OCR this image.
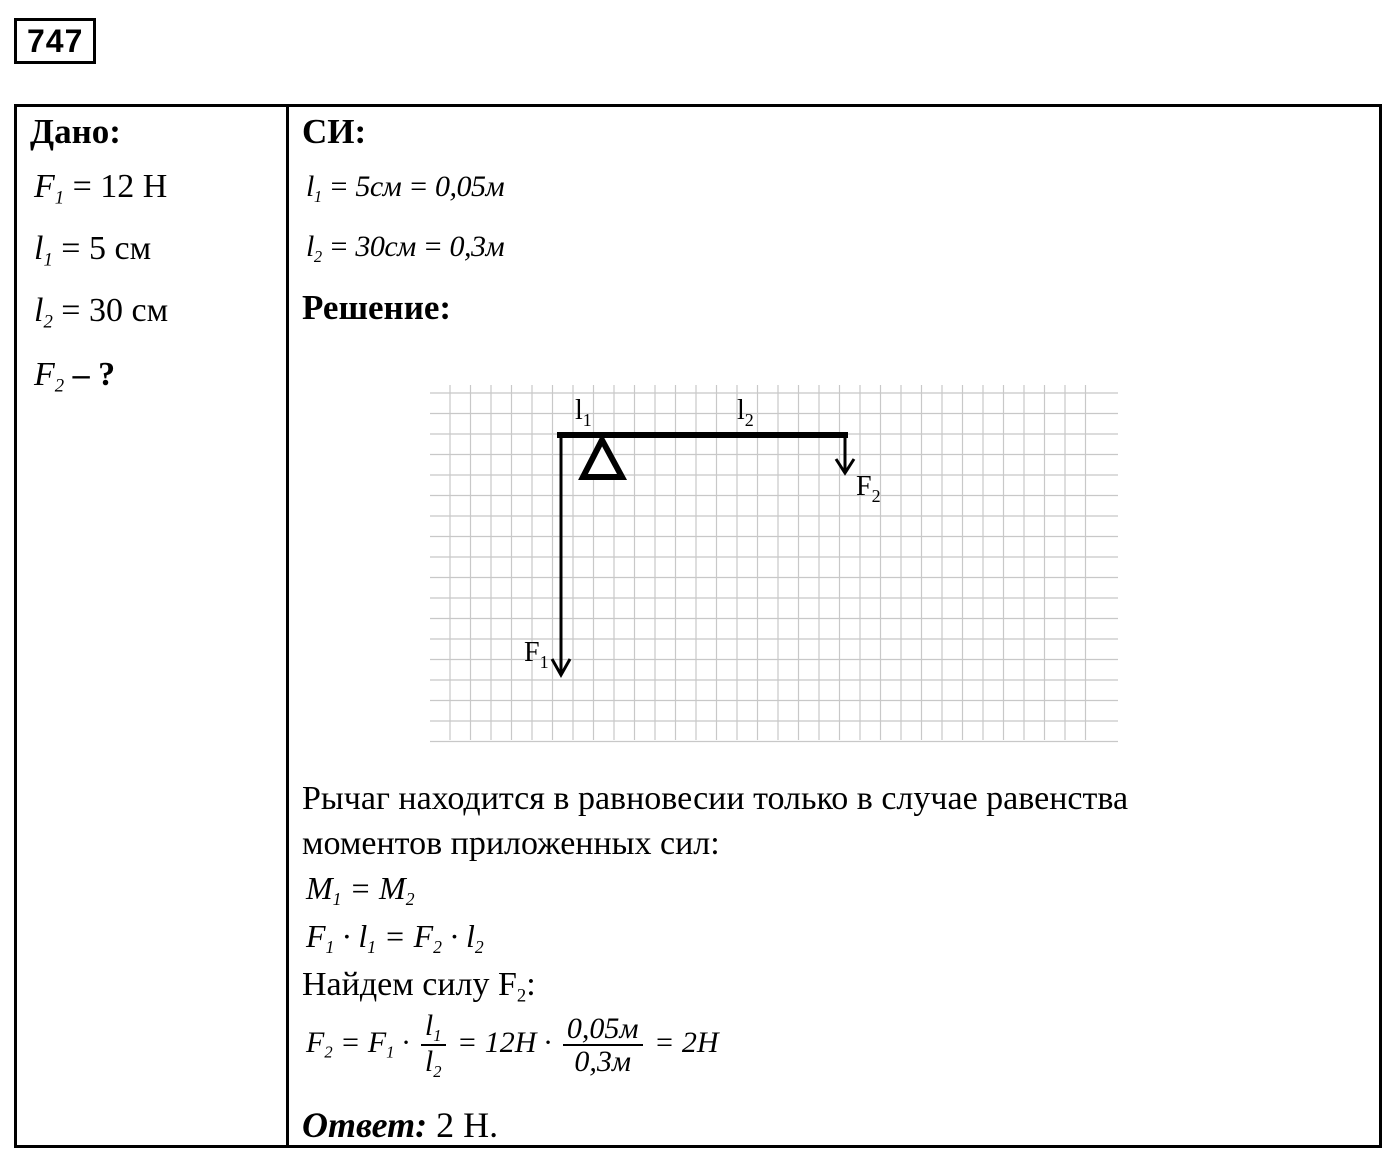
747
Дано:
$F_1 = 12$ Н
$l_1 = 5$ см
$l_2 = 30$ см
$F_2$ – ?
СИ:
$l_1 = 5см = 0,05м$
$l_2 = 30см = 0,3м$
Решение:
$l_1$	$l_2$
$F_2$
$F_1$
Рычаг находится в равновесии только в случае равенства
моментов приложенных сил:
$M_1 = M_2$
$F_1 \cdot l_1 = F_2 \cdot l_2$
Найдем силу $F_2$:
$F_2 = F_1 \cdot \frac{l_1}{l_2} = 12H \cdot \frac{0,05м}{0,3м} = 2H$
Ответ: 2 Н.
